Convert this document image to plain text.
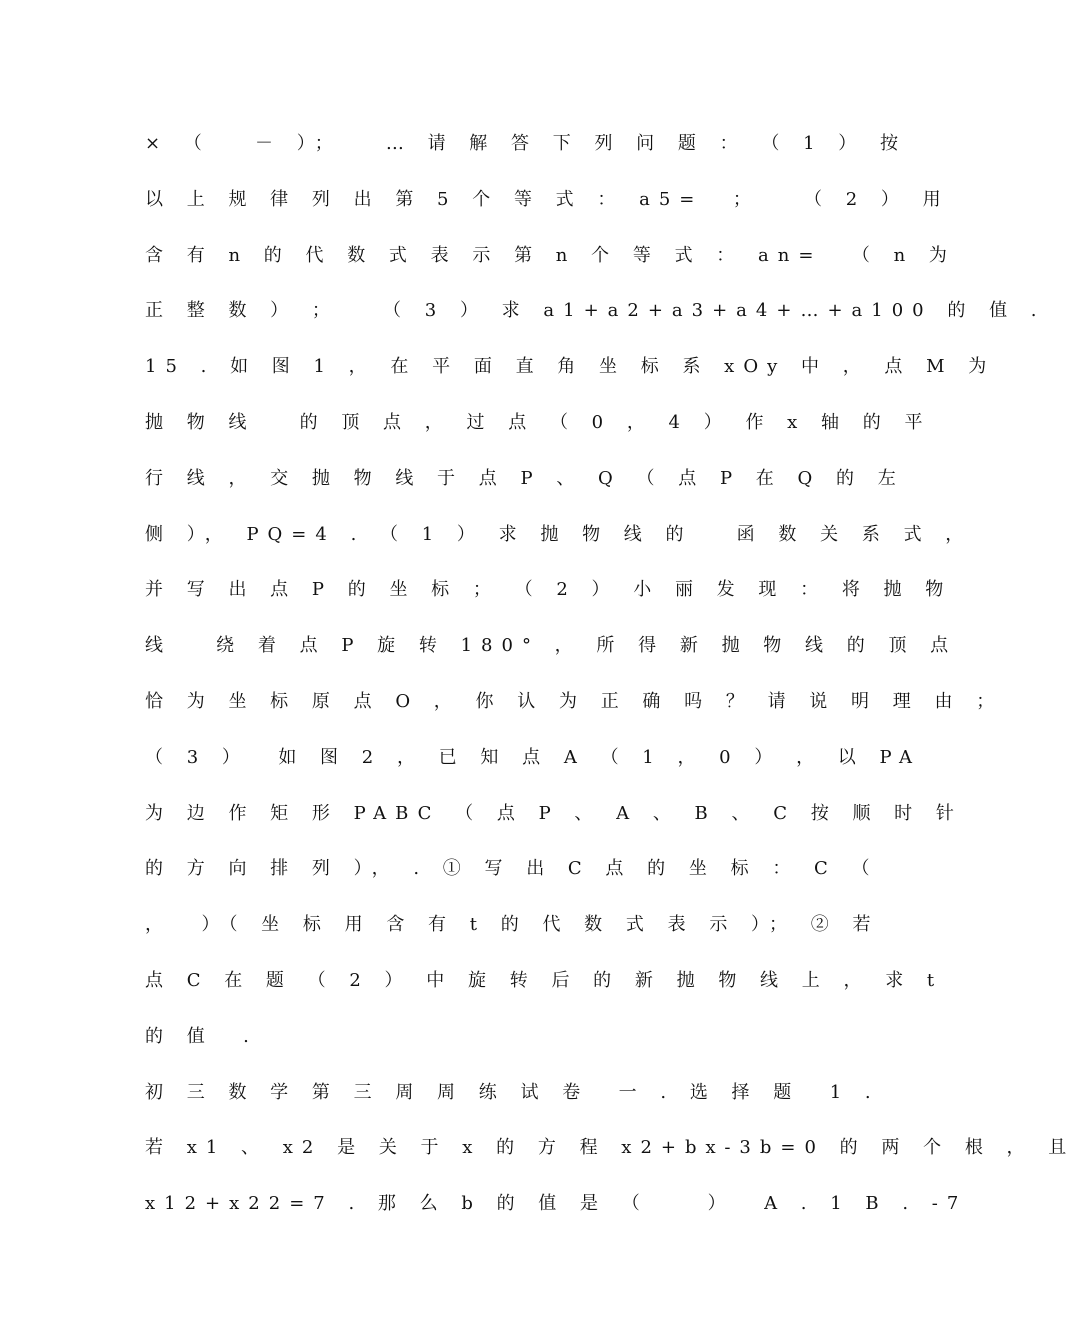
× （   － ）；   … 请 解 答 下 列 问 题 ： （ 1 ） 按
以 上 规 律 列 出 第 5 个 等 式 ： a5=  ；   （ 2 ） 用
含 有 n 的 代 数 式 表 示 第 n 个 等 式 ： an=  （ n 为
正 整 数 ） ；   （ 3 ） 求 a1+a2+a3+a4+…+a100 的 值 .
15 . 如 图 1 ， 在 平 面 直 角 坐 标 系 xOy 中 ， 点 M 为
抛 物 线   的 顶 点 ， 过 点 （ 0 ， 4 ） 作 x 轴 的 平
行 线 ， 交 抛 物 线 于 点 P 、 Q （ 点 P 在 Q 的 左
侧 ）， PQ=4 . （ 1 ） 求 抛 物 线 的   函 数 关 系 式 ，
并 写 出 点 P 的 坐 标 ； （ 2 ） 小 丽 发 现 ： 将 抛 物
线   绕 着 点 P 旋 转 180° ， 所 得 新 抛 物 线 的 顶 点
恰 为 坐 标 原 点 O ， 你 认 为 正 确 吗 ？ 请 说 明 理 由 ；
（ 3 ）  如 图 2 ， 已 知 点 A （ 1 ， 0 ） ， 以 PA
为 边 作 矩 形 PABC （ 点 P 、 A 、 B 、 C 按 顺 时 针
的 方 向 排 列 ）， . ① 写 出 C 点 的 坐 标 ： C （
，  ）（ 坐 标 用 含 有 t 的 代 数 式 表 示 ）； ② 若
点 C 在 题 （ 2 ） 中 旋 转 后 的 新 抛 物 线 上 ， 求 t
的 值  .
初 三 数 学 第 三 周 周 练 试 卷  一 . 选 择 题  1 .
若 x1 、 x2 是 关 于 x 的 方 程 x2+bx-3b=0 的 两 个 根 ， 且
x12+x22=7 . 那 么 b 的 值 是 （    ）  A . 1 B . -7
